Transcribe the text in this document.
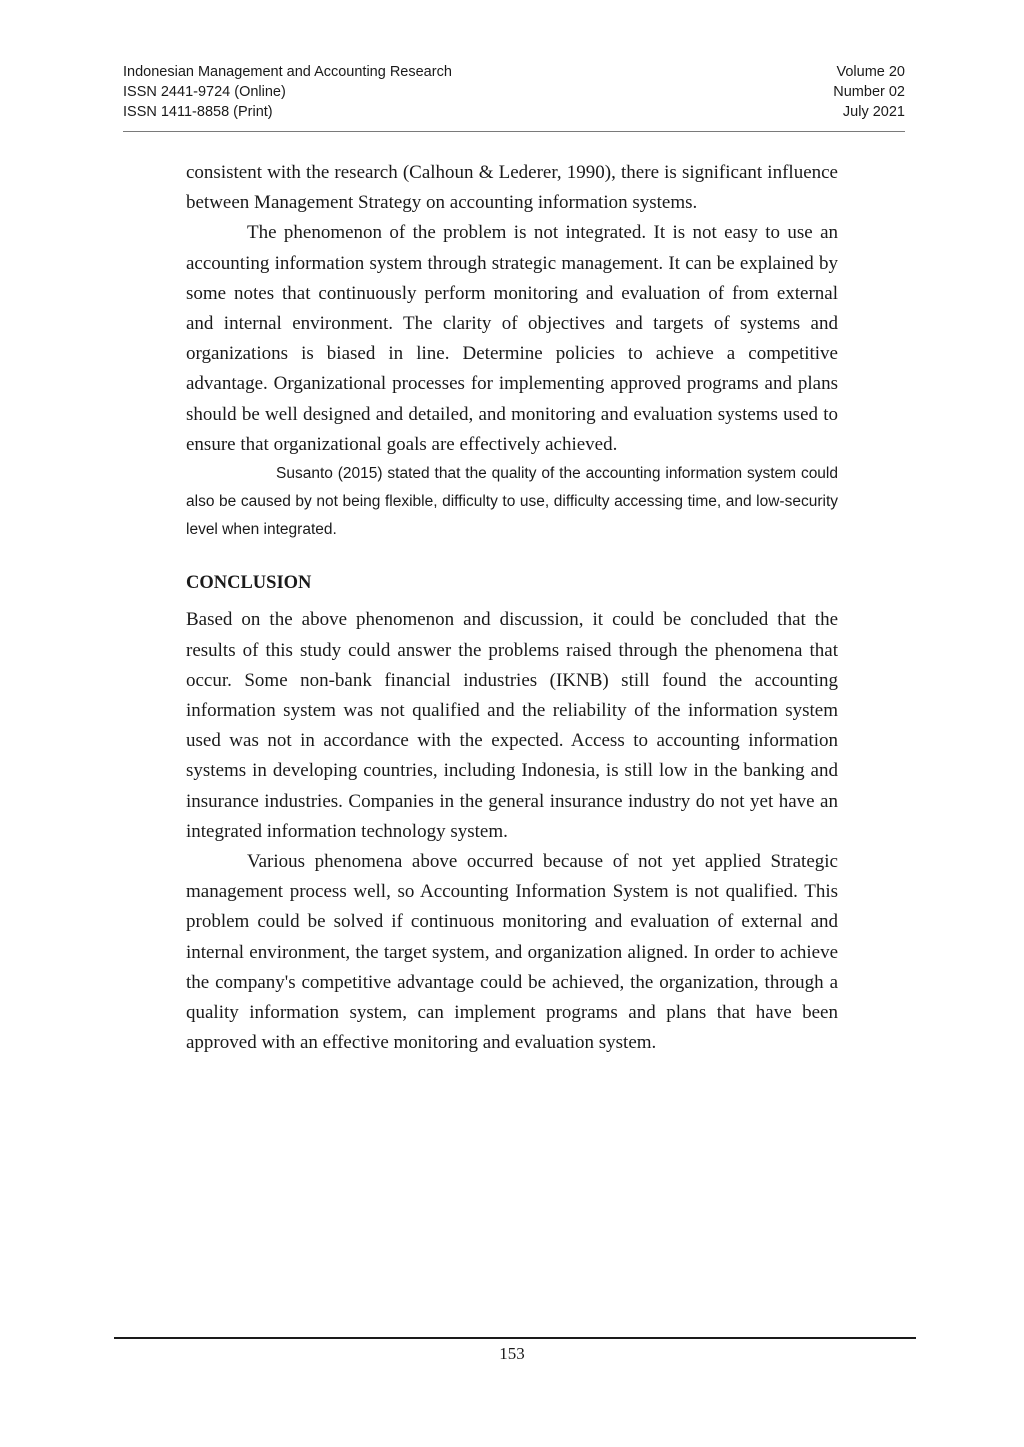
Indonesian Management and Accounting Research
ISSN 2441-9724 (Online)
ISSN 1411-8858 (Print)
Volume 20
Number 02
July 2021

consistent with the research (Calhoun & Lederer, 1990), there is significant influence between Management Strategy on accounting information systems.

The phenomenon of the problem is not integrated. It is not easy to use an accounting information system through strategic management. It can be explained by some notes that continuously perform monitoring and evaluation of from external and internal environment. The clarity of objectives and targets of systems and organizations is biased in line. Determine policies to achieve a competitive advantage. Organizational processes for implementing approved programs and plans should be well designed and detailed, and monitoring and evaluation systems used to ensure that organizational goals are effectively achieved.

Susanto (2015) stated that the quality of the accounting information system could also be caused by not being flexible, difficulty to use, difficulty accessing time, and low-security level when integrated.

CONCLUSION

Based on the above phenomenon and discussion, it could be concluded that the results of this study could answer the problems raised through the phenomena that occur. Some non-bank financial industries (IKNB) still found the accounting information system was not qualified and the reliability of the information system used was not in accordance with the expected. Access to accounting information systems in developing countries, including Indonesia, is still low in the banking and insurance industries. Companies in the general insurance industry do not yet have an integrated information technology system.

Various phenomena above occurred because of not yet applied Strategic management process well, so Accounting Information System is not qualified. This problem could be solved if continuous monitoring and evaluation of external and internal environment, the target system, and organization aligned. In order to achieve the company's competitive advantage could be achieved, the organization, through a quality information system, can implement programs and plans that have been approved with an effective monitoring and evaluation system.

153
